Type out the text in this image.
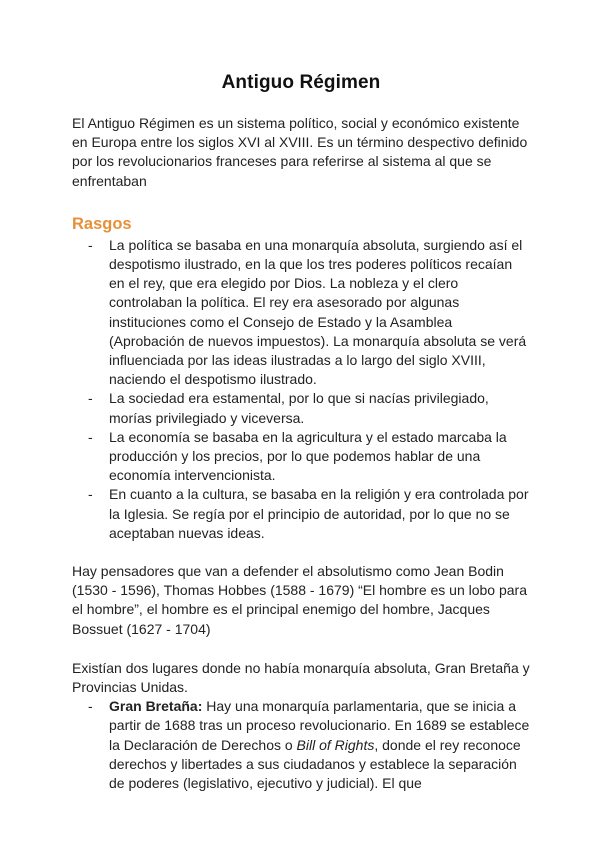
Antiguo Régimen

El Antiguo Régimen es un sistema político, social y económico existente en Europa entre los siglos XVI al XVIII. Es un término despectivo definido por los revolucionarios franceses para referirse al sistema al que se enfrentaban

Rasgos
- La política se basaba en una monarquía absoluta, surgiendo así el despotismo ilustrado, en la que los tres poderes políticos recaían en el rey, que era elegido por Dios. La nobleza y el clero controlaban la política. El rey era asesorado por algunas instituciones como el Consejo de Estado y la Asamblea (Aprobación de nuevos impuestos). La monarquía absoluta se verá influenciada por las ideas ilustradas a lo largo del siglo XVIII, naciendo el despotismo ilustrado.
- La sociedad era estamental, por lo que si nacías privilegiado, morías privilegiado y viceversa.
- La economía se basaba en la agricultura y el estado marcaba la producción y los precios, por lo que podemos hablar de una economía intervencionista.
- En cuanto a la cultura, se basaba en la religión y era controlada por la Iglesia. Se regía por el principio de autoridad, por lo que no se aceptaban nuevas ideas.

Hay pensadores que van a defender el absolutismo como Jean Bodin (1530 - 1596), Thomas Hobbes (1588 - 1679) “El hombre es un lobo para el hombre”, el hombre es el principal enemigo del hombre, Jacques Bossuet (1627 - 1704)

Existían dos lugares donde no había monarquía absoluta, Gran Bretaña y Provincias Unidas.

- Gran Bretaña: Hay una monarquía parlamentaria, que se inicia a partir de 1688 tras un proceso revolucionario. En 1689 se establece la Declaración de Derechos o Bill of Rights, donde el rey reconoce derechos y libertades a sus ciudadanos y establece la separación de poderes (legislativo, ejecutivo y judicial). El que
